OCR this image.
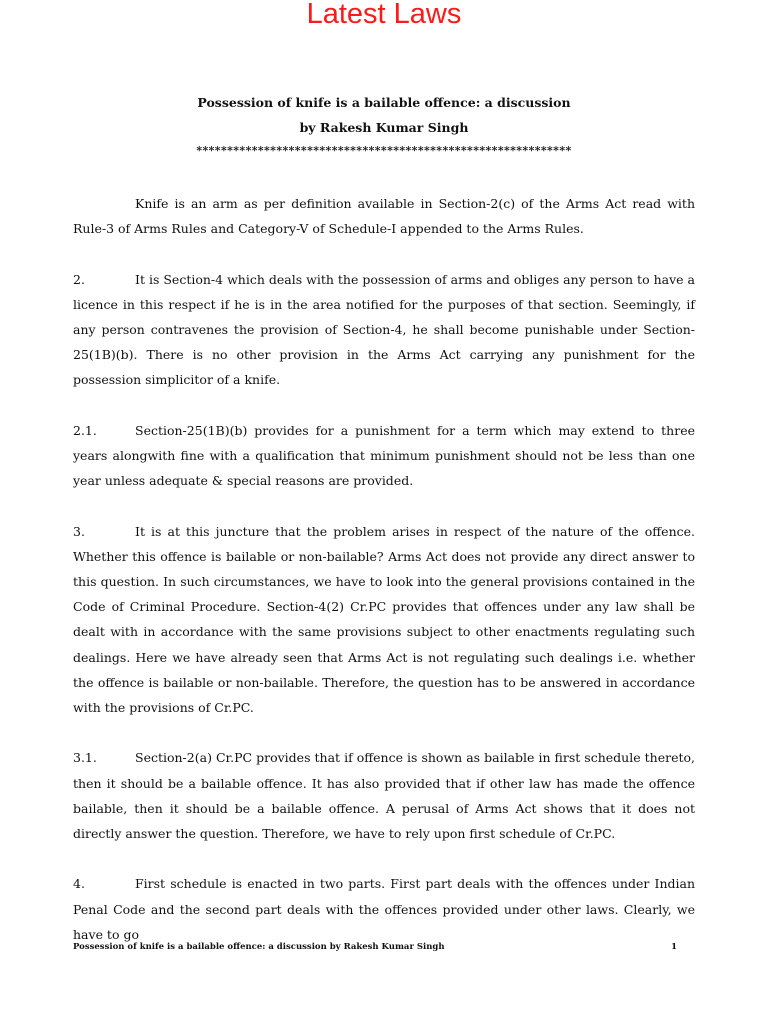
Latest Laws
Possession of knife is a bailable offence: a discussion
by Rakesh Kumar Singh
*************************************************************

Knife is an arm as per definition available in Section-2(c) of the Arms Act read with Rule-3 of Arms Rules and Category-V of Schedule-I appended to the Arms Rules.

2.	It is Section-4 which deals with the possession of arms and obliges any person to have a licence in this respect if he is in the area notified for the purposes of that section. Seemingly, if any person contravenes the provision of Section-4, he shall become punishable under Section-25(1B)(b). There is no other provision in the Arms Act carrying any punishment for the possession simplicitor of a knife.

2.1.	Section-25(1B)(b) provides for a punishment for a term which may extend to three years alongwith fine with a qualification that minimum punishment should not be less than one year unless adequate & special reasons are provided.

3.	It is at this juncture that the problem arises in respect of the nature of the offence. Whether this offence is bailable or non-bailable? Arms Act does not provide any direct answer to this question. In such circumstances, we have to look into the general provisions contained in the Code of Criminal Procedure. Section-4(2) Cr.PC provides that offences under any law shall be dealt with in accordance with the same provisions subject to other enactments regulating such dealings. Here we have already seen that Arms Act is not regulating such dealings i.e. whether the offence is bailable or non-bailable. Therefore, the question has to be answered in accordance with the provisions of Cr.PC.

3.1.	Section-2(a) Cr.PC provides that if offence is shown as bailable in first schedule thereto, then it should be a bailable offence. It has also provided that if other law has made the offence bailable, then it should be a bailable offence. A perusal of Arms Act shows that it does not directly answer the question. Therefore, we have to rely upon first schedule of Cr.PC.

4.	First schedule is enacted in two parts. First part deals with the offences under Indian Penal Code and the second part deals with the offences provided under other laws. Clearly, we have to go

Possession of knife is a bailable offence: a discussion by Rakesh Kumar Singh	1
